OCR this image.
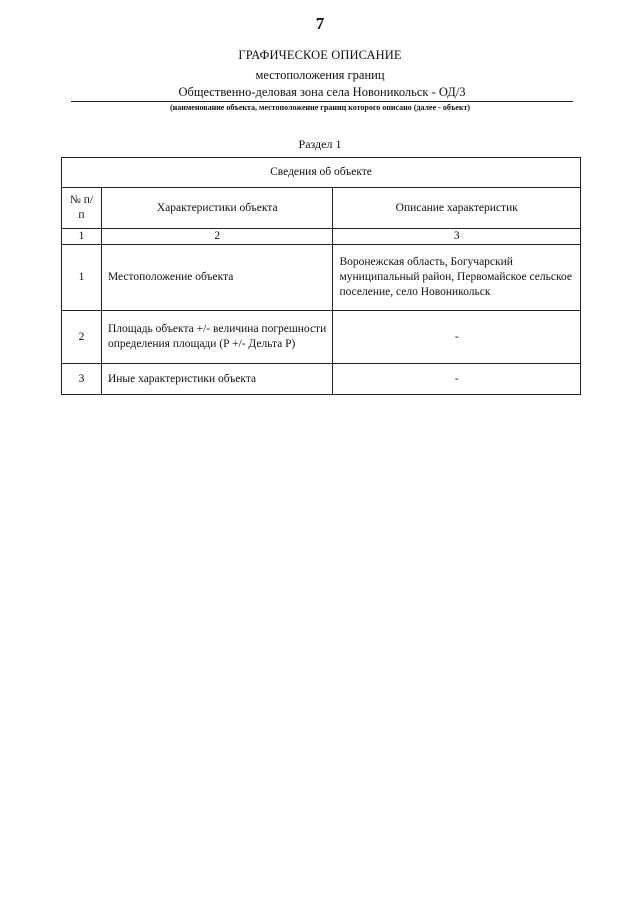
7
ГРАФИЧЕСКОЕ ОПИСАНИЕ
местоположения границ
Общественно-деловая зона села Новоникольск - ОД/3
(наименование объекта, местоположение границ которого описано (далее - объект)
Раздел 1
Сведения об объекте		
№ п/п	Характеристики объекта	Описание характеристик
1	2	3
1	Местоположение объекта	Воронежская область, Богучарский муниципальный район, Первомайское сельское поселение, село Новоникольск
2	Площадь объекта +/- величина погрешности определения площади (P +/- Дельта P)	-
3	Иные характеристики объекта	-
